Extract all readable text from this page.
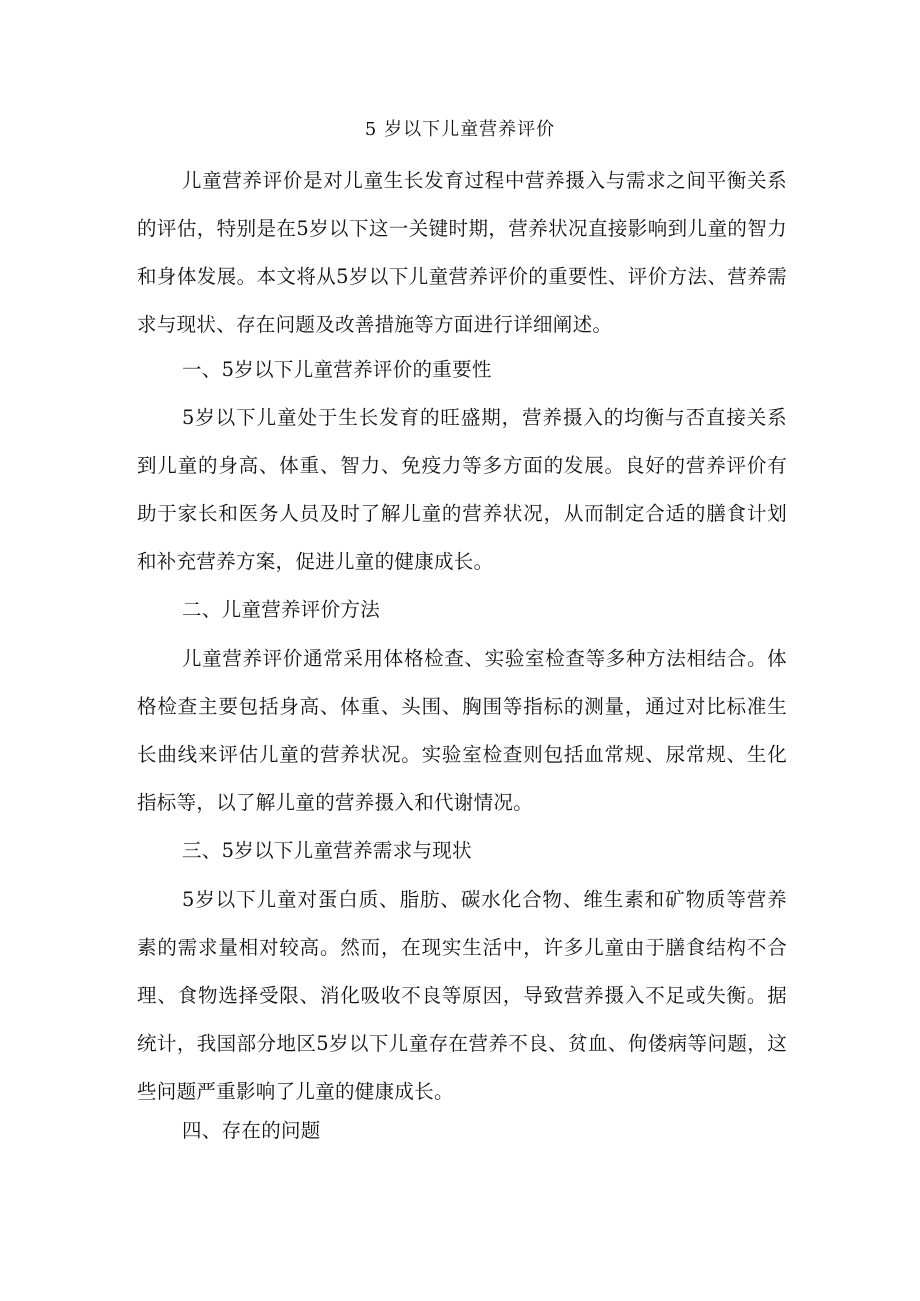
5 岁以下儿童营养评价

儿童营养评价是对儿童生长发育过程中营养摄入与需求之间平衡关系的评估，特别是在5岁以下这一关键时期，营养状况直接影响到儿童的智力和身体发展。本文将从5岁以下儿童营养评价的重要性、评价方法、营养需求与现状、存在问题及改善措施等方面进行详细阐述。

一、5岁以下儿童营养评价的重要性

5岁以下儿童处于生长发育的旺盛期，营养摄入的均衡与否直接关系到儿童的身高、体重、智力、免疫力等多方面的发展。良好的营养评价有助于家长和医务人员及时了解儿童的营养状况，从而制定合适的膳食计划和补充营养方案，促进儿童的健康成长。

二、儿童营养评价方法

儿童营养评价通常采用体格检查、实验室检查等多种方法相结合。体格检查主要包括身高、体重、头围、胸围等指标的测量，通过对比标准生长曲线来评估儿童的营养状况。实验室检查则包括血常规、尿常规、生化指标等，以了解儿童的营养摄入和代谢情况。

三、5岁以下儿童营养需求与现状

5岁以下儿童对蛋白质、脂肪、碳水化合物、维生素和矿物质等营养素的需求量相对较高。然而，在现实生活中，许多儿童由于膳食结构不合理、食物选择受限、消化吸收不良等原因，导致营养摄入不足或失衡。据统计，我国部分地区5岁以下儿童存在营养不良、贫血、佝偻病等问题，这些问题严重影响了儿童的健康成长。

四、存在的问题
